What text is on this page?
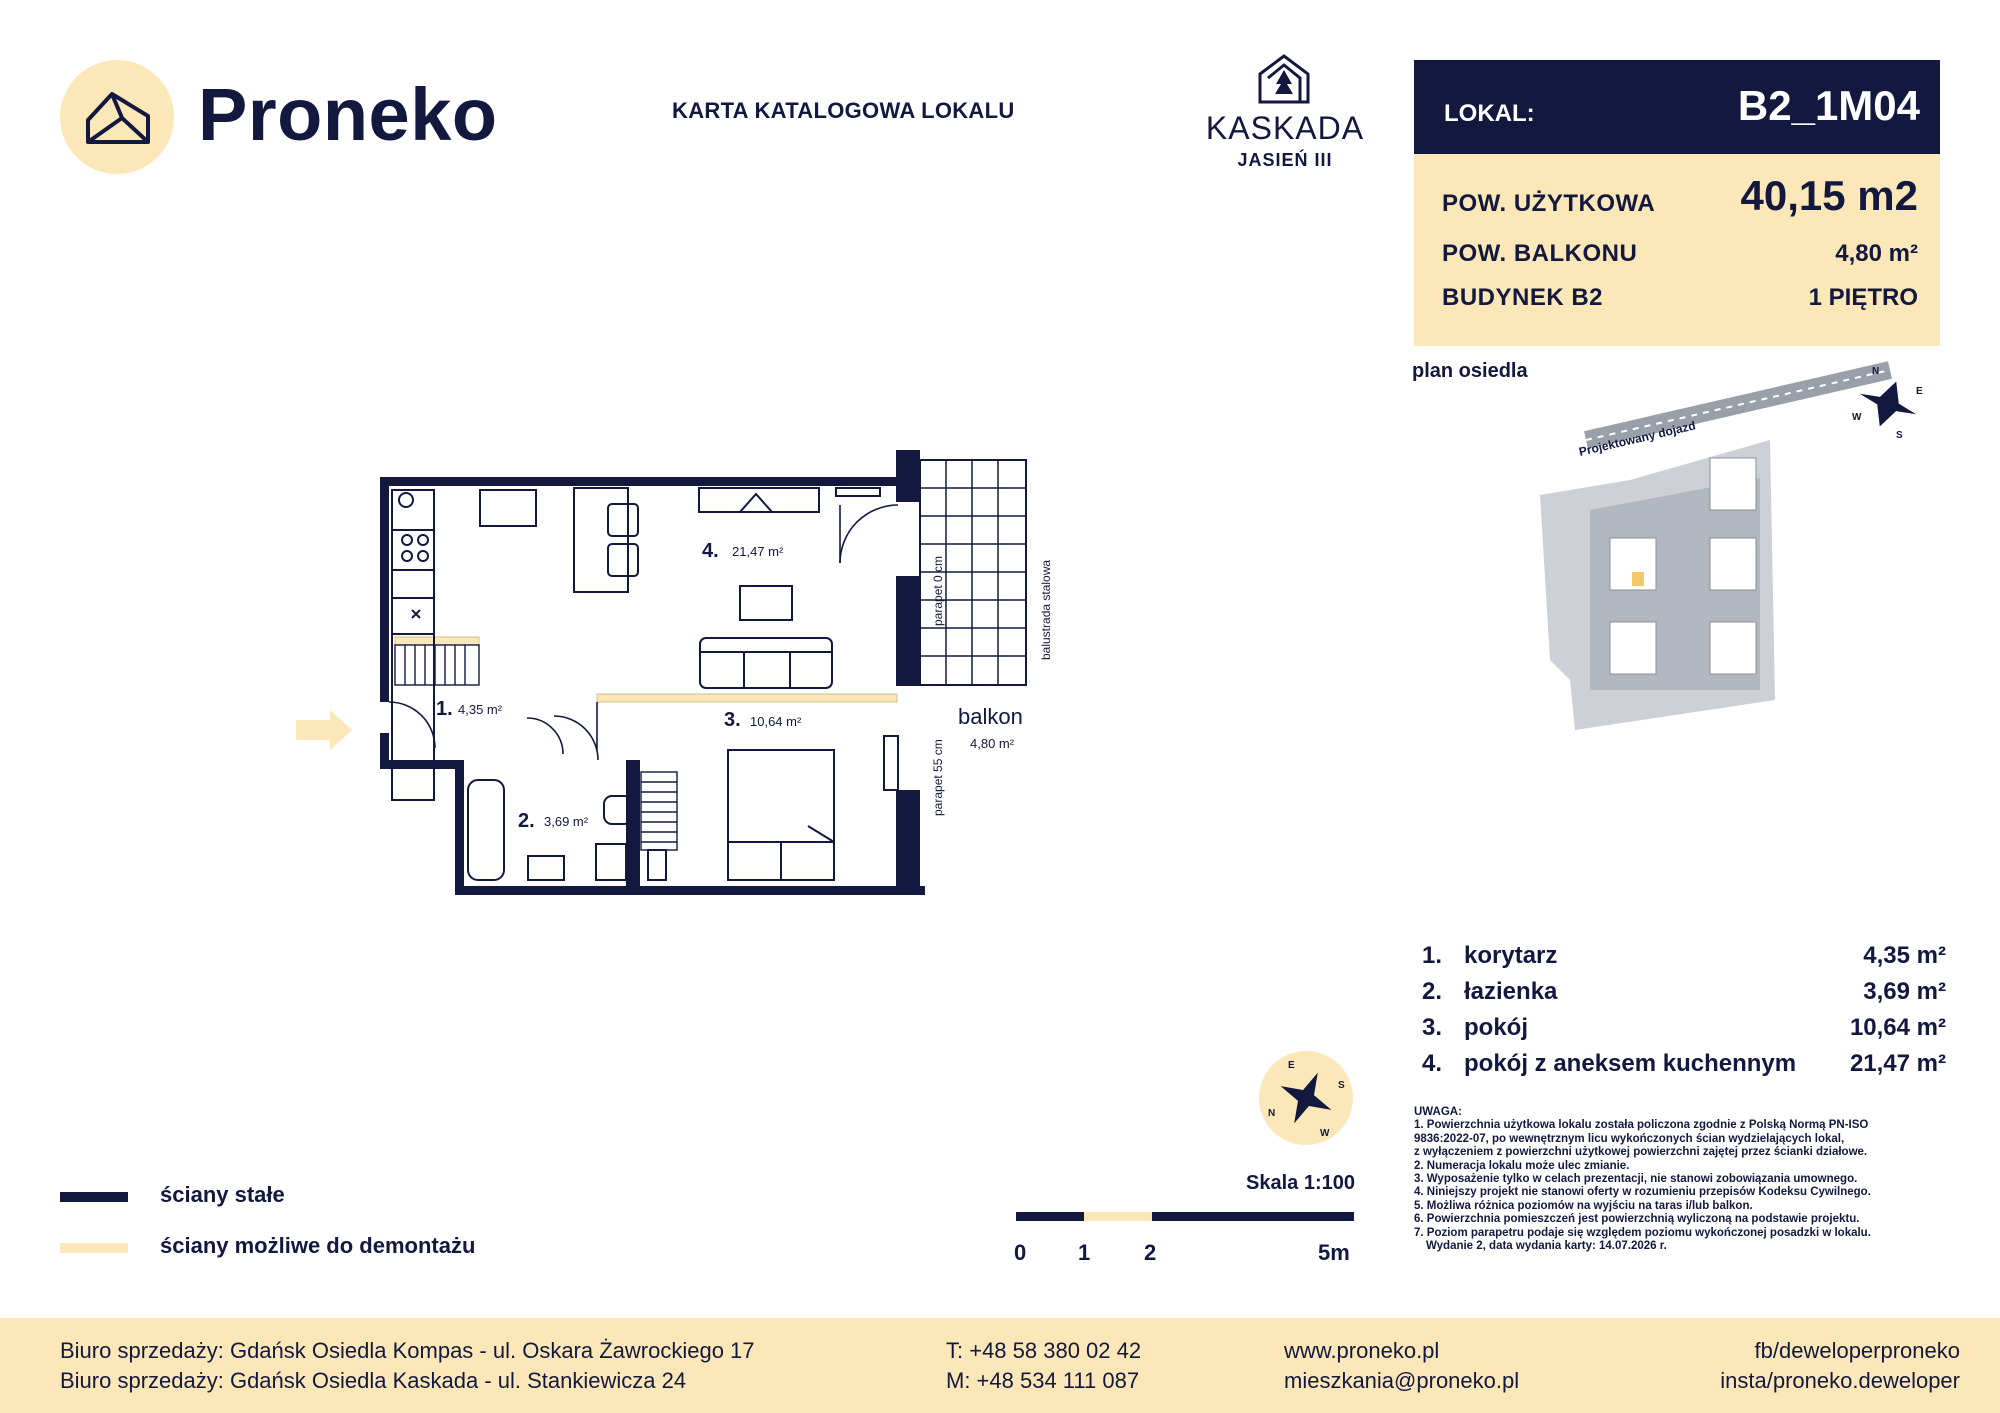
Proneko	KARTA KATALOGOWA LOKALU	KASKADA
JASIEŃ III
LOKAL:	B2_1M04
POW. UŻYTKOWA 40,15 m2
POW. BALKONU	4,80 m²
BUDYNEK B2	1 PIĘTRO
plan osiedla
Projektowany dojazd
N
E
W
S
1. 4,35 m²
2. 3,69 m²
3. 10,64 m²
4. 21,47 m²
balkon
4,80 m²
parapet 0 cm
parapet 55 cm
balustrada stalowa
1. korytarz	4,35 m²
2. łazienka	3,69 m²
3. pokój	10,64 m²
4. pokój z aneksem kuchennym 21,47 m²
E
S
N
W
UWAGA:
1. Powierzchnia użytkowa lokalu została policzona zgodnie z Polską Normą PN-ISO
9836:2022-07, po wewnętrznym licu wykończonych ścian wydzielających lokal,
z wyłączeniem z powierzchni użytkowej powierzchni zajętej przez ścianki działowe.
2. Numeracja lokalu może ulec zmianie.
3. Wyposażenie tylko w celach prezentacji, nie stanowi zobowiązania umownego.
4. Niniejszy projekt nie stanowi oferty w rozumieniu przepisów Kodeksu Cywilnego.
5. Możliwa różnica poziomów na wyjściu na taras i/lub balkon.
6. Powierzchnia pomieszczeń jest powierzchnią wyliczoną na podstawie projektu.
7. Poziom parapetru podaje się względem poziomu wykończonej posadzki w lokalu.
Wydanie 2, data wydania karty: 14.07.2026 r.
ściany stałe
ściany możliwe do demontażu
Skala 1:100
0 1 2	5m
Biuro sprzedaży: Gdańsk Osiedla Kompas - ul. Oskara Żawrockiego 17
Biuro sprzedaży: Gdańsk Osiedla Kaskada - ul. Stankiewicza 24
T: +48 58 380 02 42
M: +48 534 111 087
www.proneko.pl
mieszkania@proneko.pl
fb/deweloperproneko
insta/proneko.deweloper
